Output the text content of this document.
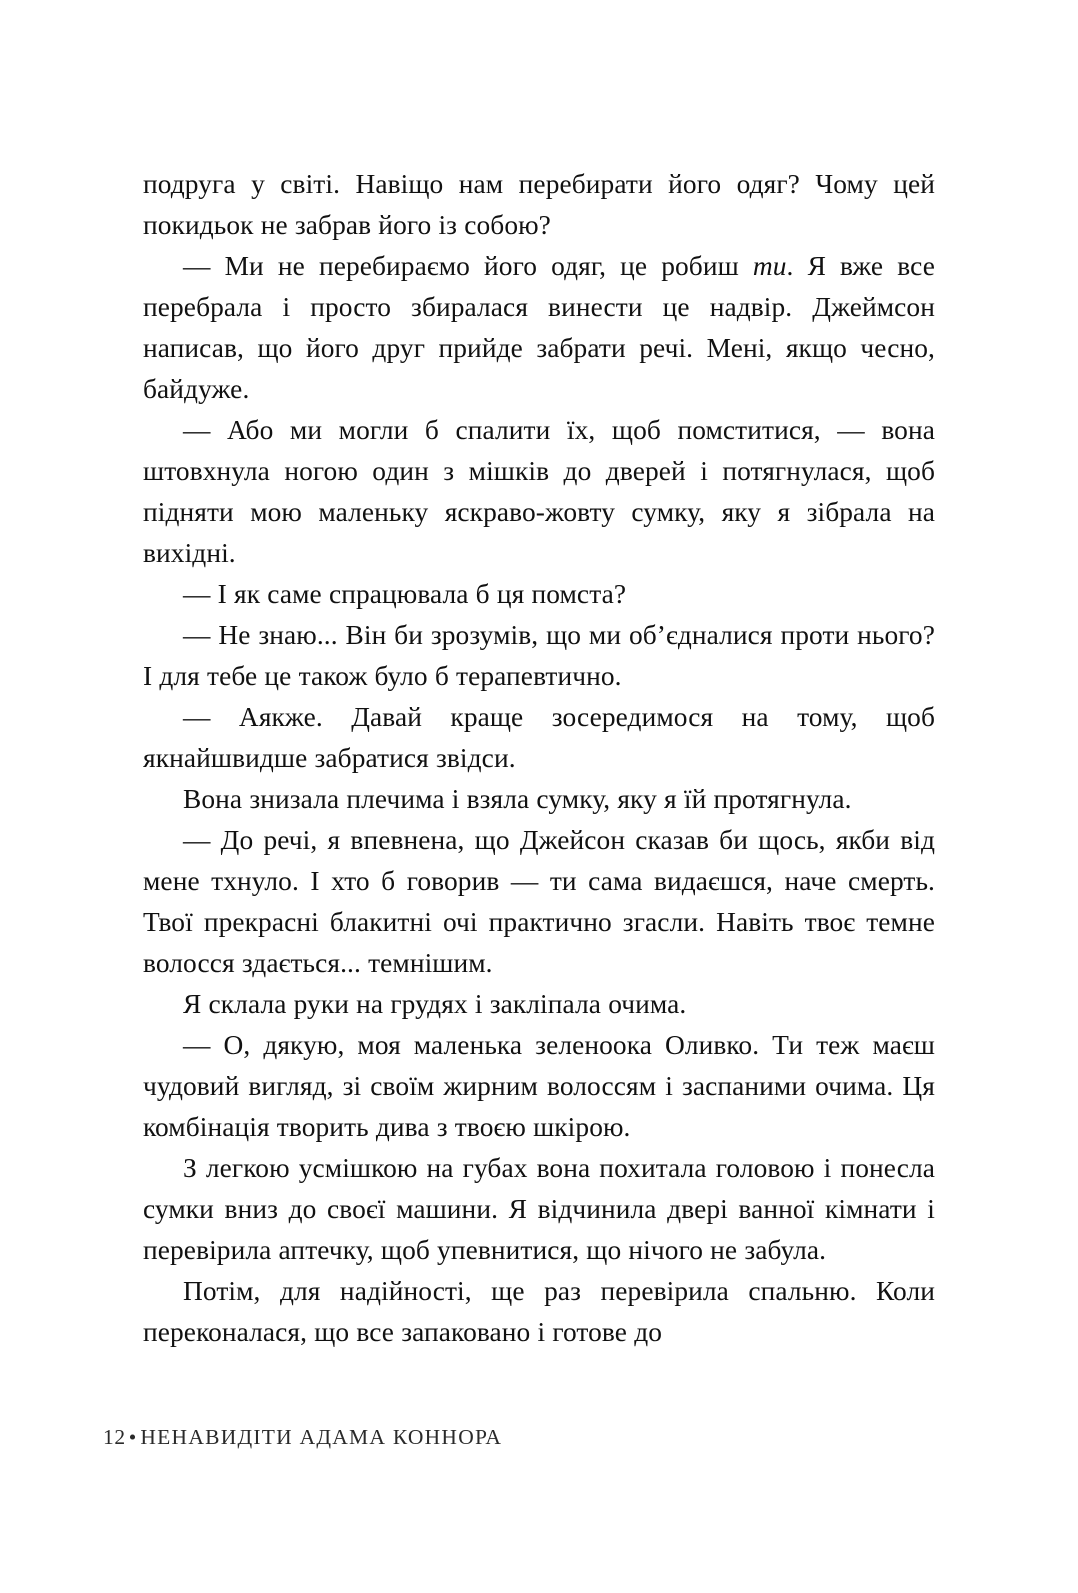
подруга у світі. Навіщо нам перебирати його одяг? Чому цей покидьок не забрав його із собою?

— Ми не перебираємо його одяг, це робиш ти. Я вже все перебрала і просто збиралася винести це надвір. Джеймсон написав, що його друг прийде забрати речі. Мені, якщо чесно, байдуже.

— Або ми могли б спалити їх, щоб помститися, — вона штовхнула ногою один з мішків до дверей і потягнулася, щоб підняти мою маленьку яскраво-жовту сумку, яку я зібрала на вихідні.

— І як саме спрацювала б ця помста?

— Не знаю... Він би зрозумів, що ми об’єдналися проти нього? І для тебе це також було б терапевтично.

— Аякже. Давай краще зосередимося на тому, щоб якнайшвидше забратися звідси.

Вона знизала плечима і взяла сумку, яку я їй протягнула.

— До речі, я впевнена, що Джейсон сказав би щось, якби від мене тхнуло. І хто б говорив — ти сама видаєшся, наче смерть. Твої прекрасні блакитні очі практично згасли. Навіть твоє темне волосся здається... темнішим.

Я склала руки на грудях і закліпала очима.

— О, дякую, моя маленька зеленоока Оливко. Ти теж маєш чудовий вигляд, зі своїм жирним волоссям і заспаними очима. Ця комбінація творить дива з твоєю шкірою.

З легкою усмішкою на губах вона похитала головою і понесла сумки вниз до своєї машини. Я відчинила двері ванної кімнати і перевірила аптечку, щоб упевнитися, що нічого не забула.

Потім, для надійності, ще раз перевірила спальню. Коли переконалася, що все запаковано і готове до

12 • НЕНАВИДІТИ АДАМА КОННОРА
